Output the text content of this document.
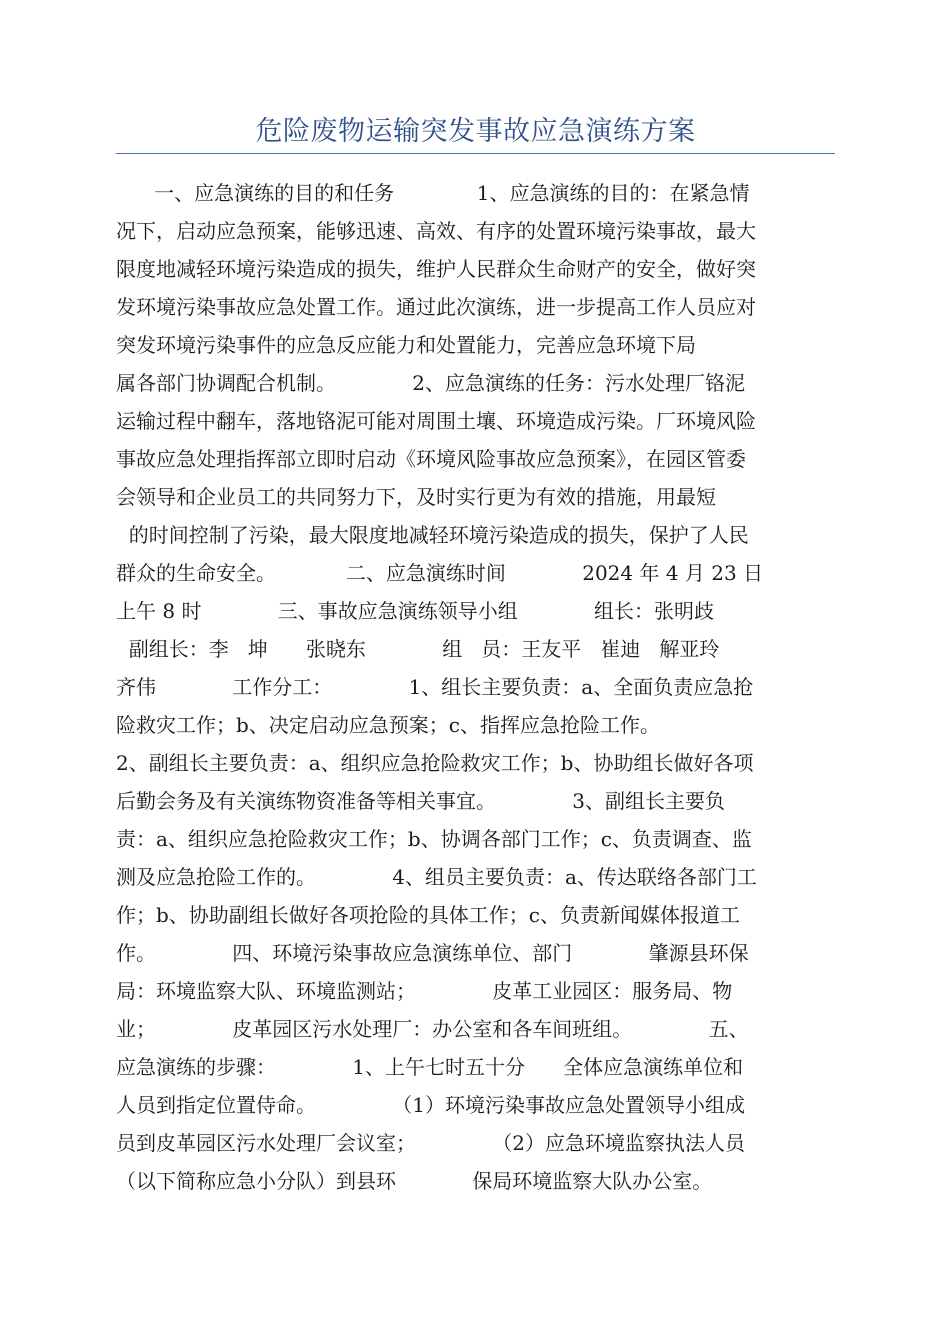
危险废物运输突发事故应急演练方案
一、应急演练的目的和任务             1、应急演练的目的：在紧急情
况下，启动应急预案，能够迅速、高效、有序的处置环境污染事故，最大
限度地减轻环境污染造成的损失，维护人民群众生命财产的安全，做好突
发环境污染事故应急处置工作。通过此次演练，进一步提高工作人员应对
突发环境污染事件的应急反应能力和处置能力，完善应急环境下局
属各部门协调配合机制。            2、应急演练的任务：污水处理厂铬泥
运输过程中翻车，落地铬泥可能对周围土壤、环境造成污染。厂环境风险
事故应急处理指挥部立即时启动《环境风险事故应急预案》，在园区管委
会领导和企业员工的共同努力下，及时实行更为有效的措施，用最短
的时间控制了污染，最大限度地减轻环境污染造成的损失，保护了人民
群众的生命安全。           二、应急演练时间            2024 年 4 月 23 日
上午 8 时            三、事故应急演练领导小组            组长：张明歧
副组长：李   坤      张晓东            组   员：王友平   崔迪   解亚玲
齐伟            工作分工：            1、组长主要负责：a、全面负责应急抢
险救灾工作；b、决定启动应急预案；c、指挥应急抢险工作。
2、副组长主要负责：a、组织应急抢险救灾工作；b、协助组长做好各项
后勤会务及有关演练物资准备等相关事宜。            3、副组长主要负
责：a、组织应急抢险救灾工作；b、协调各部门工作；c、负责调查、监
测及应急抢险工作的。            4、组员主要负责：a、传达联络各部门工
作；b、协助副组长做好各项抢险的具体工作；c、负责新闻媒体报道工
作。            四、环境污染事故应急演练单位、部门            肇源县环保
局：环境监察大队、环境监测站；            皮革工业园区：服务局、物
业；            皮革园区污水处理厂：办公室和各车间班组。            五、
应急演练的步骤：            1、上午七时五十分      全体应急演练单位和
人员到指定位置侍命。            （1）环境污染事故应急处置领导小组成
员到皮革园区污水处理厂会议室；            （2）应急环境监察执法人员
（以下简称应急小分队）到县环            保局环境监察大队办公室。
